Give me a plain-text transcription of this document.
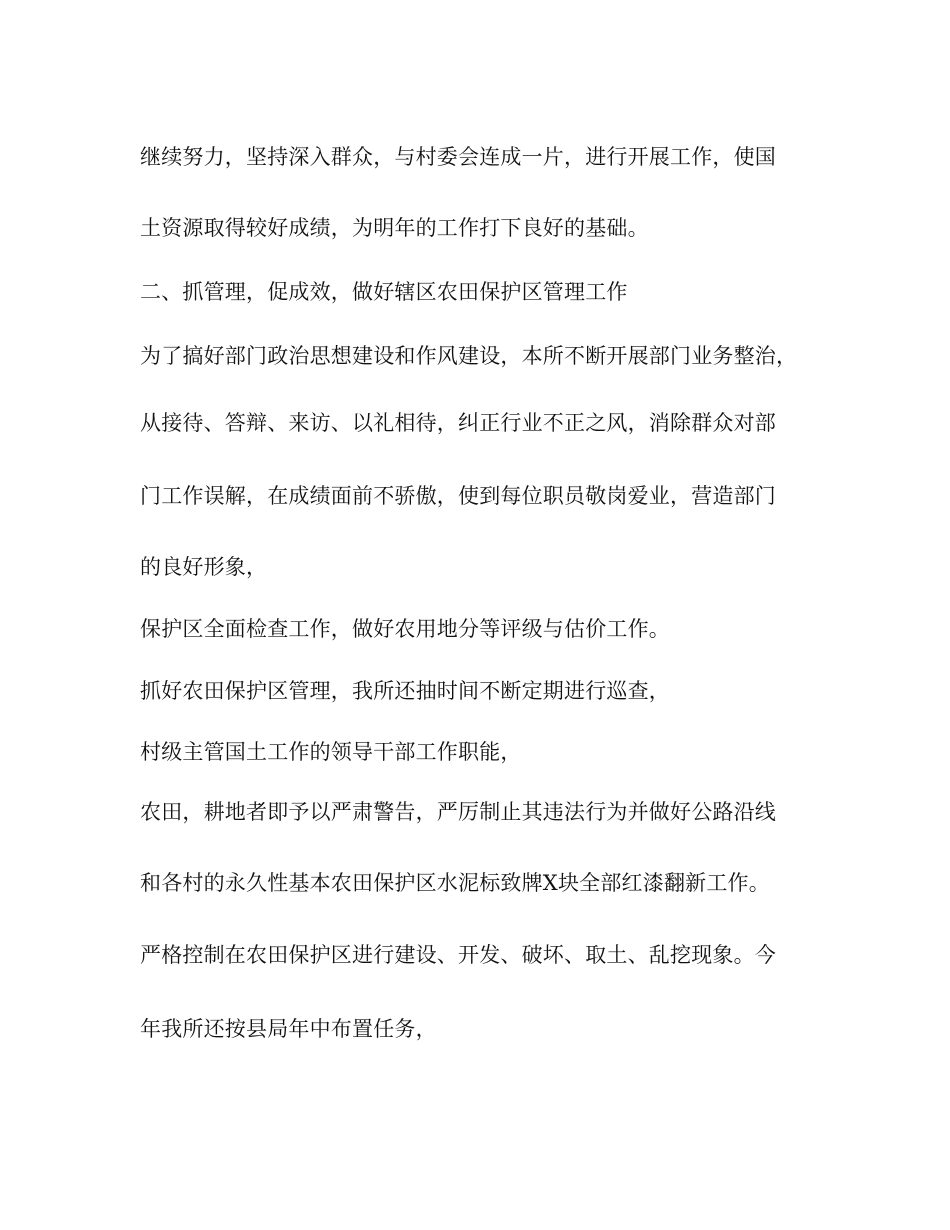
继续努力，坚持深入群众，与村委会连成一片，进行开展工作，使国
土资源取得较好成绩，为明年的工作打下良好的基础。
二、抓管理，促成效，做好辖区农田保护区管理工作
为了搞好部门政治思想建设和作风建设，本所不断开展部门业务整治，
从接待、答辩、来访、以礼相待，纠正行业不正之风，消除群众对部
门工作误解，在成绩面前不骄傲，使到每位职员敬岗爱业，营造部门
的良好形象，
保护区全面检查工作，做好农用地分等评级与估价工作。
抓好农田保护区管理，我所还抽时间不断定期进行巡查，
村级主管国土工作的领导干部工作职能，
农田，耕地者即予以严肃警告，严厉制止其违法行为并做好公路沿线
和各村的永久性基本农田保护区水泥标致牌X块全部红漆翻新工作。
严格控制在农田保护区进行建设、开发、破坏、取土、乱挖现象。今
年我所还按县局年中布置任务，
